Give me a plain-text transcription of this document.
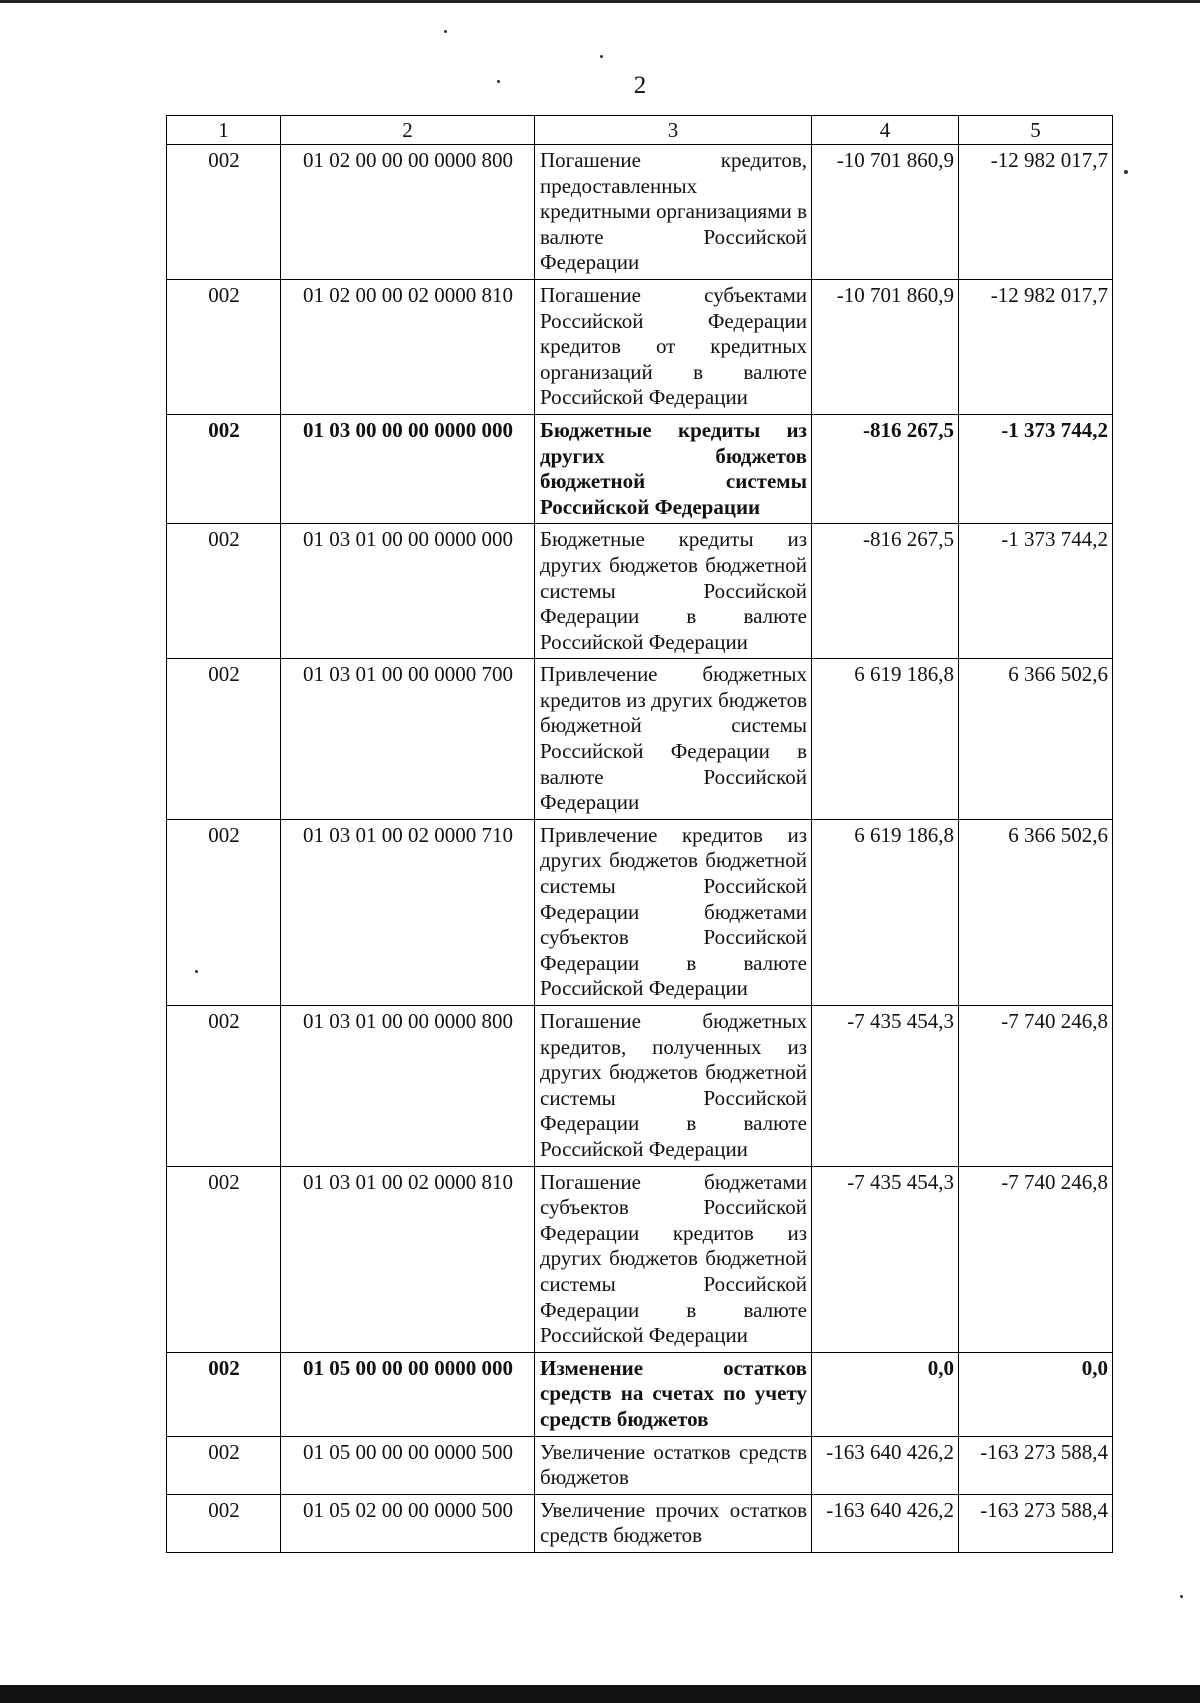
2
1	2	3	4	5
002	01 02 00 00 00 0000 800	Погашение кредитов, предоставленных кредитными организациями в валюте Российской Федерации	-10 701 860,9	-12 982 017,7
002	01 02 00 00 02 0000 810	Погашение субъектами Российской Федерации кредитов от кредитных организаций в валюте Российской Федерации	-10 701 860,9	-12 982 017,7
002	01 03 00 00 00 0000 000	Бюджетные кредиты из других бюджетов бюджетной системы Российской Федерации	-816 267,5	-1 373 744,2
002	01 03 01 00 00 0000 000	Бюджетные кредиты из других бюджетов бюджетной системы Российской Федерации в валюте Российской Федерации	-816 267,5	-1 373 744,2
002	01 03 01 00 00 0000 700	Привлечение бюджетных кредитов из других бюджетов бюджетной системы Российской Федерации в валюте Российской Федерации	6 619 186,8	6 366 502,6
002	01 03 01 00 02 0000 710	Привлечение кредитов из других бюджетов бюджетной системы Российской Федерации бюджетами субъектов Российской Федерации в валюте Российской Федерации	6 619 186,8	6 366 502,6
002	01 03 01 00 00 0000 800	Погашение бюджетных кредитов, полученных из других бюджетов бюджетной системы Российской Федерации в валюте Российской Федерации	-7 435 454,3	-7 740 246,8
002	01 03 01 00 02 0000 810	Погашение бюджетами субъектов Российской Федерации кредитов из других бюджетов бюджетной системы Российской Федерации в валюте Российской Федерации	-7 435 454,3	-7 740 246,8
002	01 05 00 00 00 0000 000	Изменение остатков средств на счетах по учету средств бюджетов	0,0	0,0
002	01 05 00 00 00 0000 500	Увеличение остатков средств бюджетов	-163 640 426,2	-163 273 588,4
002	01 05 02 00 00 0000 500	Увеличение прочих остатков средств бюджетов	-163 640 426,2	-163 273 588,4
